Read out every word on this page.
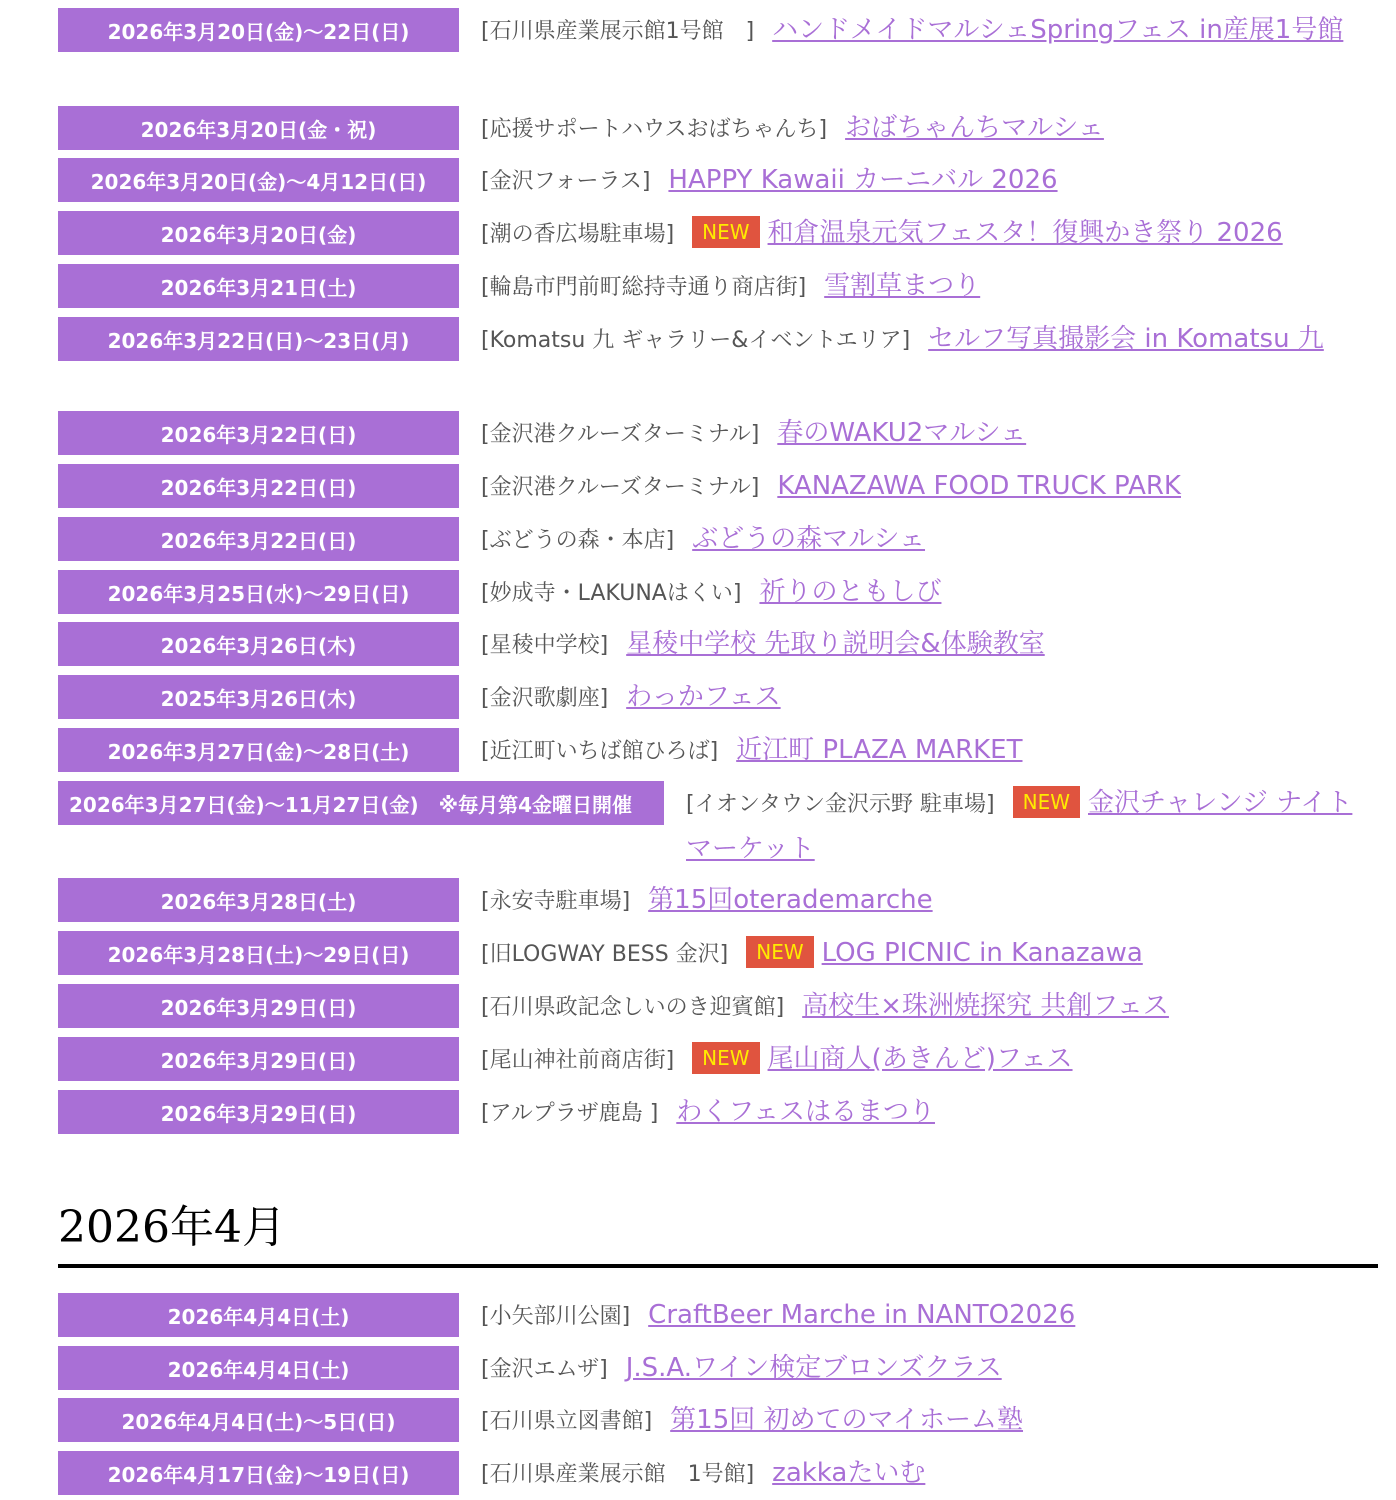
2026年3月20日(金)〜22日(日)	[石川県産業展示館1号館　] ハンドメイドマルシェSpringフェス in産展1号館
2026年3月20日(金・祝)	[応援サポートハウスおばちゃんち] おばちゃんちマルシェ
2026年3月20日(金)〜4月12日(日)	[金沢フォーラス] HAPPY Kawaii カーニバル 2026
2026年3月20日(金)	[潮の香広場駐車場] NEW 和倉温泉元気フェスタ！復興かき祭り 2026
2026年3月21日(土)	[輪島市門前町総持寺通り商店街] 雪割草まつり
2026年3月22日(日)〜23日(月)	[Komatsu 九 ギャラリー&イベントエリア] セルフ写真撮影会 in Komatsu 九
2026年3月22日(日)	[金沢港クルーズターミナル] 春のWAKU2マルシェ
2026年3月22日(日)	[金沢港クルーズターミナル] KANAZAWA FOOD TRUCK PARK
2026年3月22日(日)	[ぶどうの森・本店] ぶどうの森マルシェ
2026年3月25日(水)〜29日(日)	[妙成寺・LAKUNAはくい] 祈りのともしび
2026年3月26日(木)	[星稜中学校] 星稜中学校 先取り説明会&体験教室
2025年3月26日(木)	[金沢歌劇座] わっかフェス
2026年3月27日(金)〜28日(土)	[近江町いちば館ひろば] 近江町 PLAZA MARKET
2026年3月27日(金)〜11月27日(金)　※毎月第4金曜日開催	[イオンタウン金沢示野 駐車場] NEW 金沢チャレンジ ナイトマーケット
2026年3月28日(土)	[永安寺駐車場] 第15回oterademarche
2026年3月28日(土)〜29日(日)	[旧LOGWAY BESS 金沢] NEW LOG PICNIC in Kanazawa
2026年3月29日(日)	[石川県政記念しいのき迎賓館] 高校生×珠洲焼探究 共創フェス
2026年3月29日(日)	[尾山神社前商店街] NEW 尾山商人(あきんど)フェス
2026年3月29日(日)	[アルプラザ鹿島 ] わくフェスはるまつり
2026年4月
2026年4月4日(土)	[小矢部川公園] CraftBeer Marche in NANTO2026
2026年4月4日(土)	[金沢エムザ] J.S.A.ワイン検定ブロンズクラス
2026年4月4日(土)〜5日(日)	[石川県立図書館] 第15回 初めてのマイホーム塾
2026年4月17日(金)〜19日(日)	[石川県産業展示館　1号館] zakkaたいむ
